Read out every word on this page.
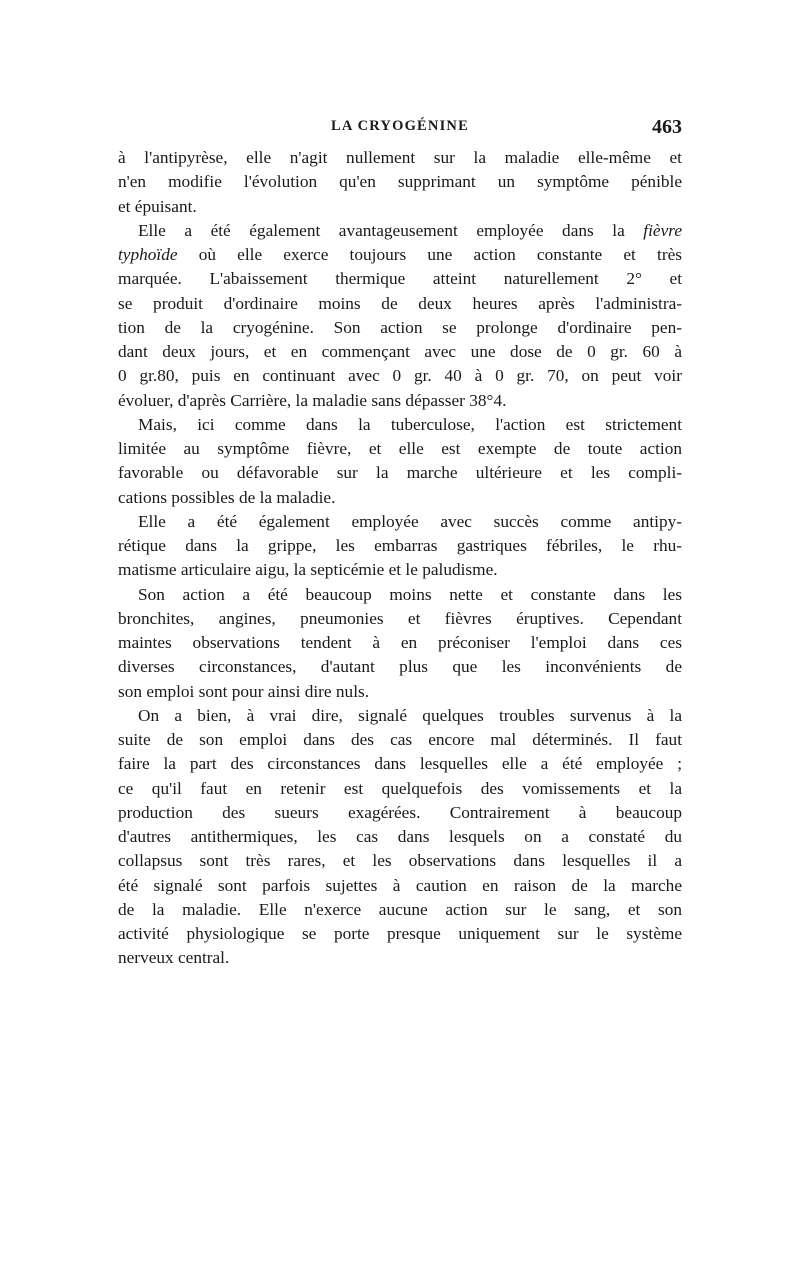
LA CRYOGÉNINE	463
à l'antipyrèse, elle n'agit nullement sur la maladie elle-même et
n'en modifie l'évolution qu'en supprimant un symptôme pénible
et épuisant.
Elle a été également avantageusement employée dans la fièvre
typhoïde où elle exerce toujours une action constante et très
marquée. L'abaissement thermique atteint naturellement 2° et
se produit d'ordinaire moins de deux heures après l'administra-
tion de la cryogénine. Son action se prolonge d'ordinaire pen-
dant deux jours, et en commençant avec une dose de 0 gr. 60 à
0 gr.80, puis en continuant avec 0 gr. 40 à 0 gr. 70, on peut voir
évoluer, d'après Carrière, la maladie sans dépasser 38°4.
Mais, ici comme dans la tuberculose, l'action est strictement
limitée au symptôme fièvre, et elle est exempte de toute action
favorable ou défavorable sur la marche ultérieure et les compli-
cations possibles de la maladie.
Elle a été également employée avec succès comme antipy-
rétique dans la grippe, les embarras gastriques fébriles, le rhu-
matisme articulaire aigu, la septicémie et le paludisme.
Son action a été beaucoup moins nette et constante dans les
bronchites, angines, pneumonies et fièvres éruptives. Cependant
maintes observations tendent à en préconiser l'emploi dans ces
diverses circonstances, d'autant plus que les inconvénients de
son emploi sont pour ainsi dire nuls.
On a bien, à vrai dire, signalé quelques troubles survenus à la
suite de son emploi dans des cas encore mal déterminés. Il faut
faire la part des circonstances dans lesquelles elle a été employée ;
ce qu'il faut en retenir est quelquefois des vomissements et la
production des sueurs exagérées. Contrairement à beaucoup
d'autres antithermiques, les cas dans lesquels on a constaté du
collapsus sont très rares, et les observations dans lesquelles il a
été signalé sont parfois sujettes à caution en raison de la marche
de la maladie. Elle n'exerce aucune action sur le sang, et son
activité physiologique se porte presque uniquement sur le système
nerveux central.
